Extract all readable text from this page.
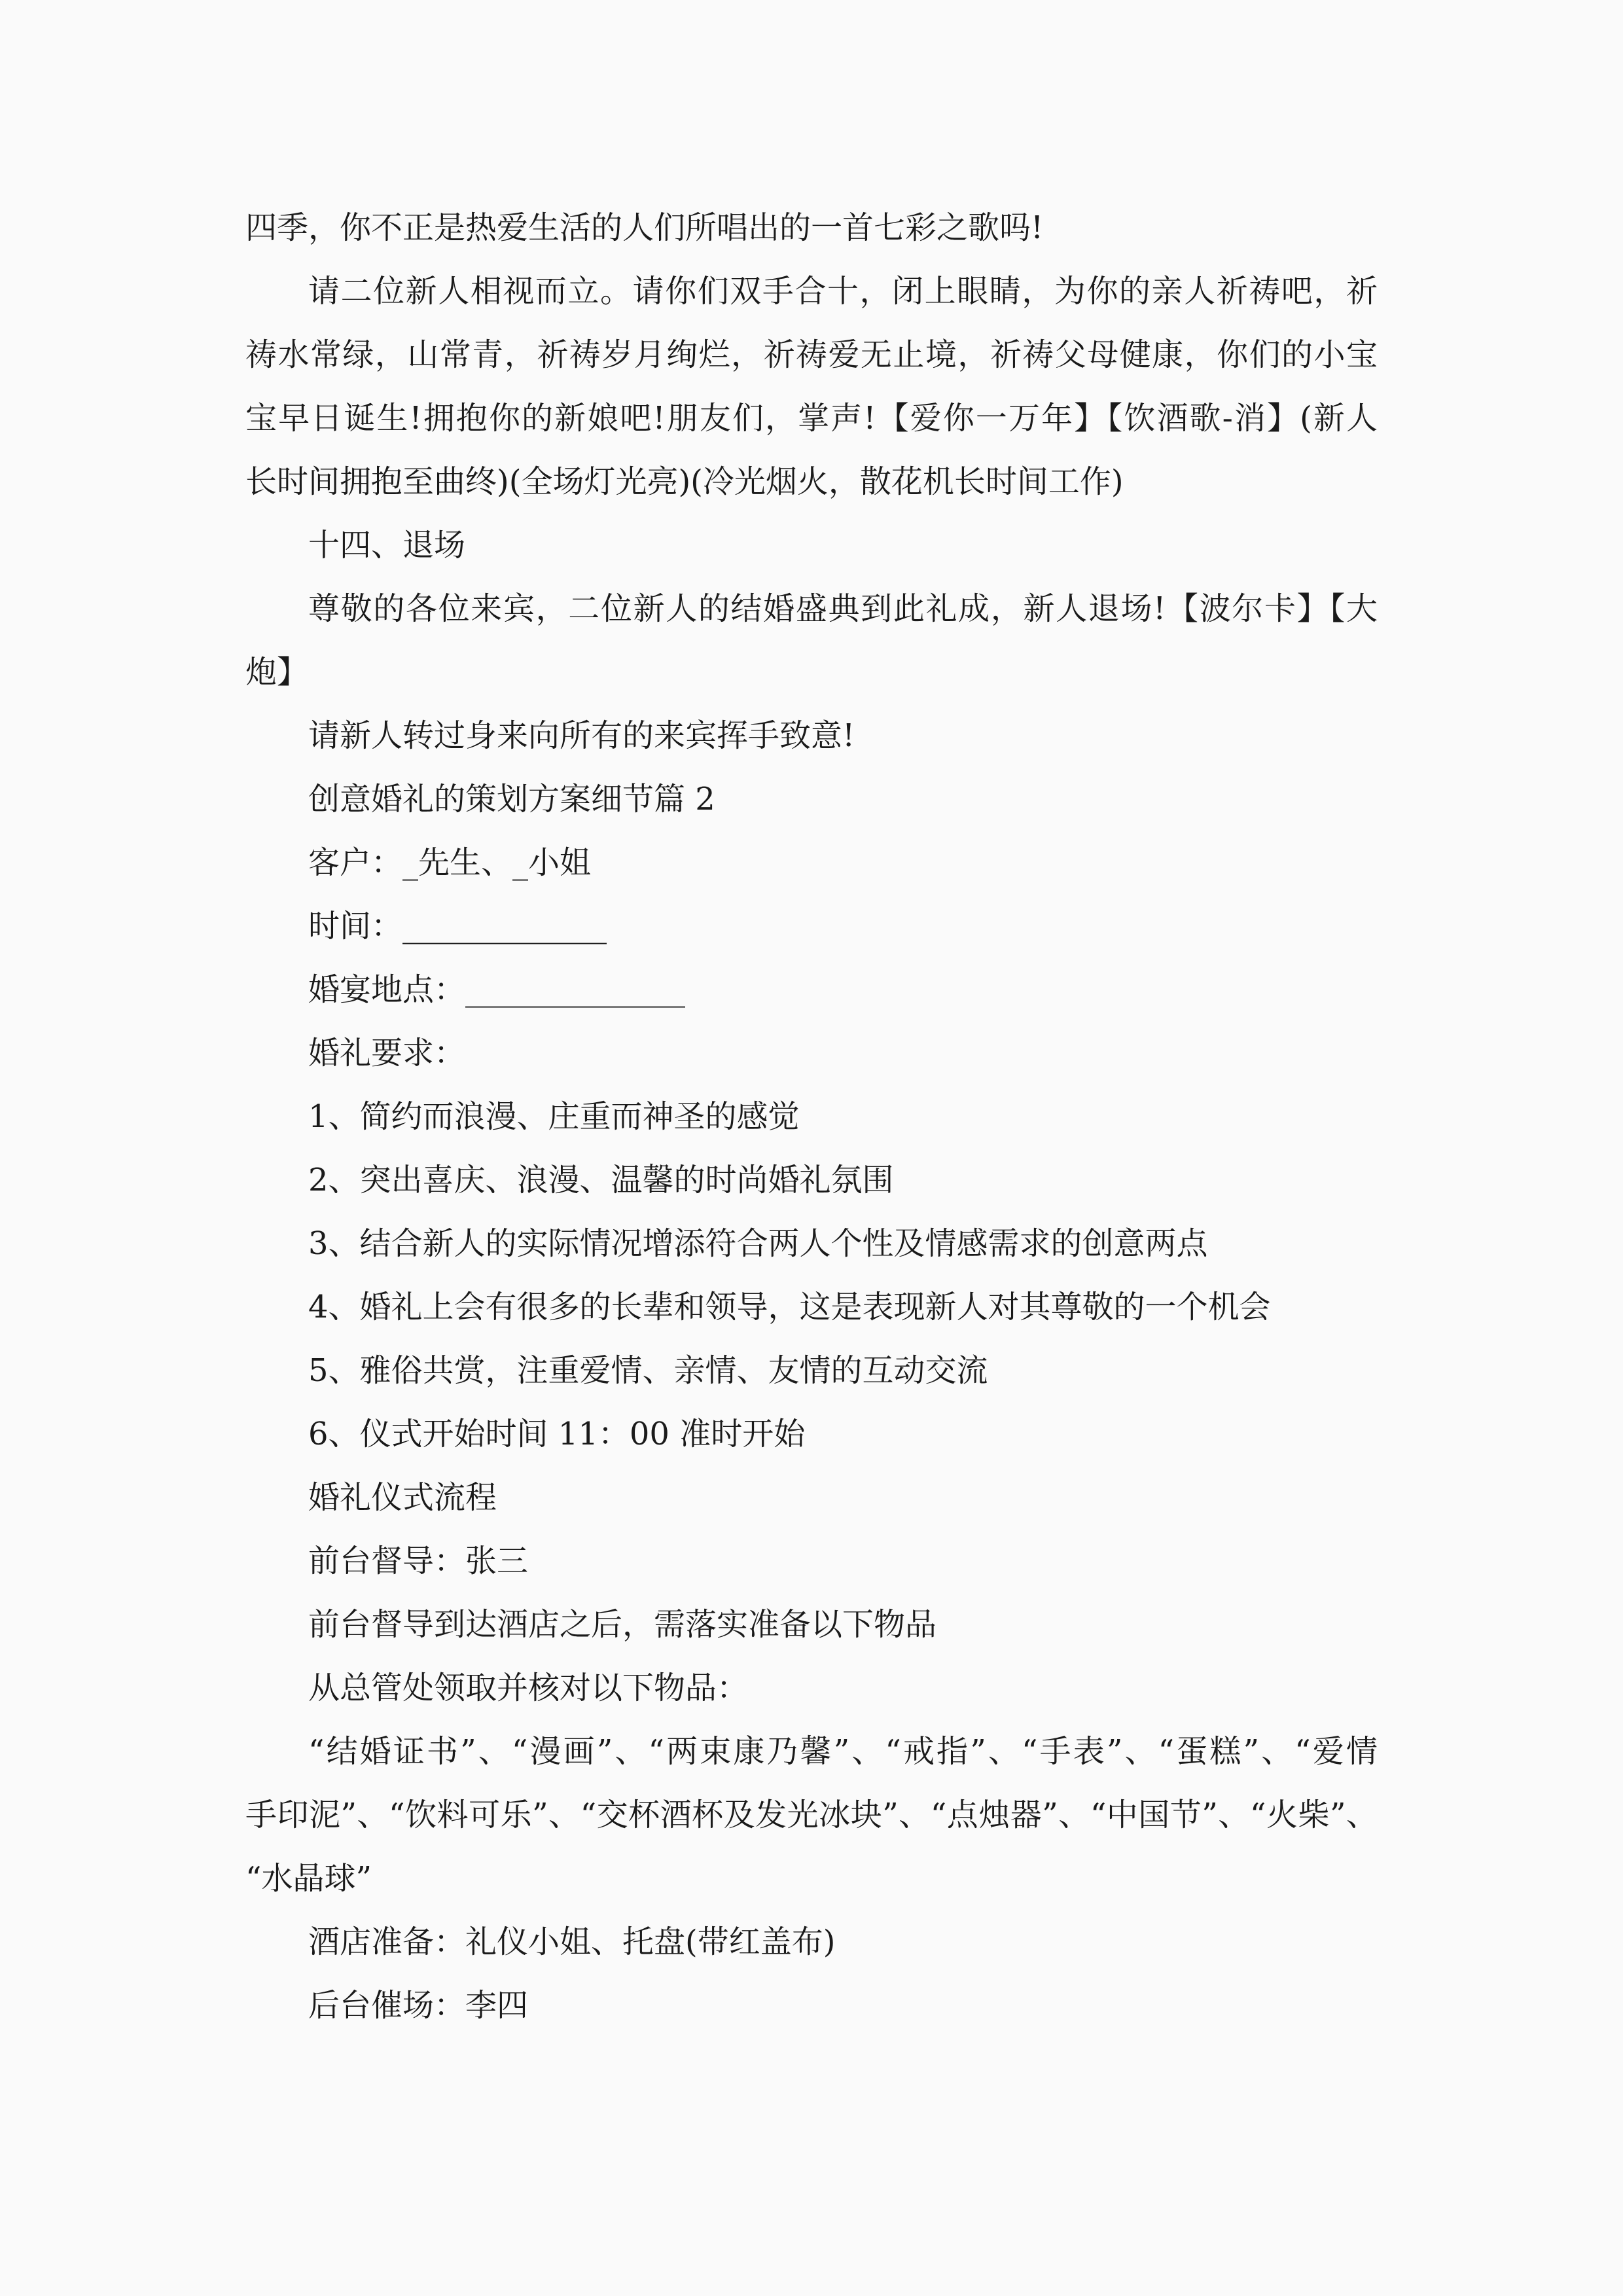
四季，你不正是热爱生活的人们所唱出的一首七彩之歌吗!

请二位新人相视而立。请你们双手合十，闭上眼睛，为你的亲人祈祷吧，祈

祷水常绿，山常青，祈祷岁月绚烂，祈祷爱无止境，祈祷父母健康，你们的小宝

宝早日诞生!拥抱你的新娘吧!朋友们，掌声!【爱你一万年】【饮酒歌-消】(新人

长时间拥抱至曲终)(全场灯光亮)(冷光烟火，散花机长时间工作)

十四、退场

尊敬的各位来宾，二位新人的结婚盛典到此礼成，新人退场!【波尔卡】【大

炮】

请新人转过身来向所有的来宾挥手致意!

创意婚礼的策划方案细节篇 2

客户：_先生、_小姐

时间：_____________

婚宴地点：______________

婚礼要求：

1、简约而浪漫、庄重而神圣的感觉

2、突出喜庆、浪漫、温馨的时尚婚礼氛围

3、结合新人的实际情况增添符合两人个性及情感需求的创意两点

4、婚礼上会有很多的长辈和领导，这是表现新人对其尊敬的一个机会

5、雅俗共赏，注重爱情、亲情、友情的互动交流

6、仪式开始时间 11：00 准时开始

婚礼仪式流程

前台督导：张三

前台督导到达酒店之后，需落实准备以下物品

从总管处领取并核对以下物品：

“结婚证书”、“漫画”、“两束康乃馨”、“戒指”、“手表”、“蛋糕”、“爱情

手印泥”、“饮料可乐”、“交杯酒杯及发光冰块”、“点烛器”、“中国节”、“火柴”、

“水晶球”

酒店准备：礼仪小姐、托盘(带红盖布)

后台催场：李四
